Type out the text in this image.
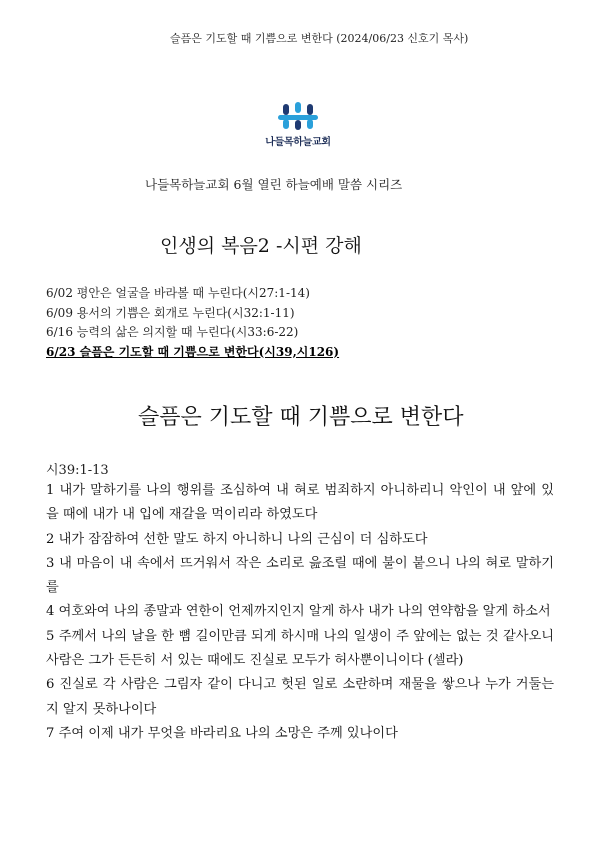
슬픔은 기도할 때 기쁨으로 변한다 (2024/06/23 신호기 목사)
나들목하늘교회
나들목하늘교회 6월 열린 하늘예배 말씀 시리즈
인생의 복음2 -시편 강해
6/02 평안은 얼굴을 바라볼 때 누린다(시27:1-14)
6/09 용서의 기쁨은 회개로 누린다(시32:1-11)
6/16 능력의 삶은 의지할 때 누린다(시33:6-22)
6/23 슬픔은 기도할 때 기쁨으로 변한다(시39,시126)
슬픔은 기도할 때 기쁨으로 변한다
시39:1-13
1 내가 말하기를 나의 행위를 조심하여 내 혀로 범죄하지 아니하리니 악인이 내 앞에 있을 때에 내가 내 입에 재갈을 먹이리라 하였도다
2 내가 잠잠하여 선한 말도 하지 아니하니 나의 근심이 더 심하도다
3 내 마음이 내 속에서 뜨거워서 작은 소리로 읊조릴 때에 불이 붙으니 나의 혀로 말하기를
4 여호와여 나의 종말과 연한이 언제까지인지 알게 하사 내가 나의 연약함을 알게 하소서
5 주께서 나의 날을 한 뼘 길이만큼 되게 하시매 나의 일생이 주 앞에는 없는 것 같사오니 사람은 그가 든든히 서 있는 때에도 진실로 모두가 허사뿐이니이다 (셀라)
6 진실로 각 사람은 그림자 같이 다니고 헛된 일로 소란하며 재물을 쌓으나 누가 거둘는지 알지 못하나이다
7 주여 이제 내가 무엇을 바라리요 나의 소망은 주께 있나이다
